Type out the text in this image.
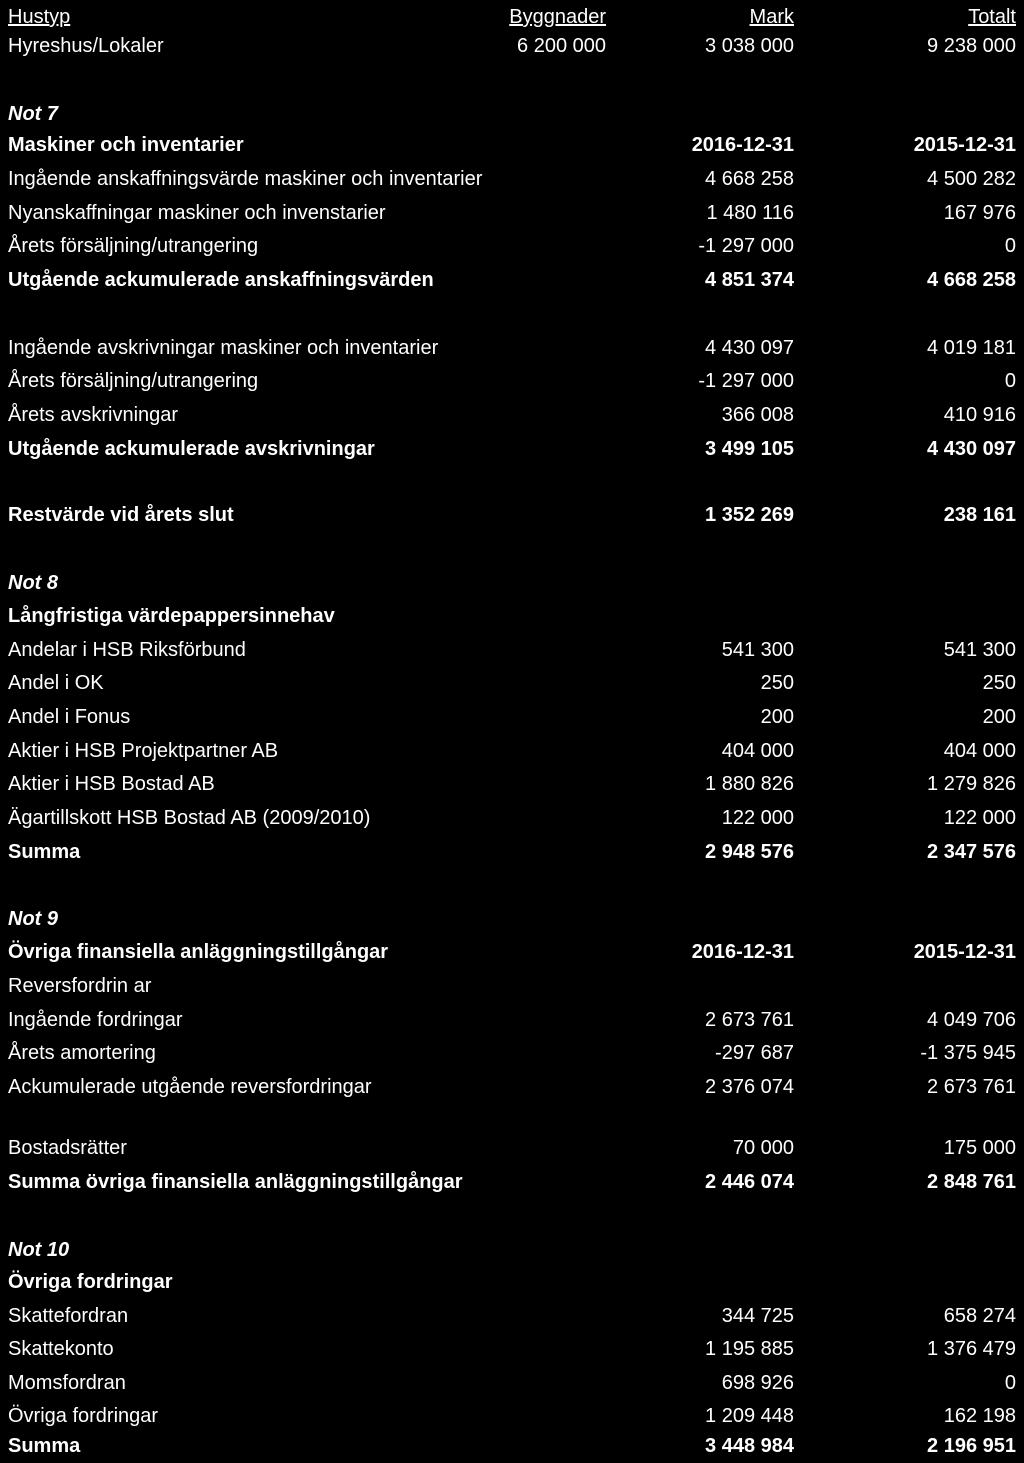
Hustyp	Byggnader	Mark	Totalt
Hyreshus/Lokaler	6 200 000	3 038 000	9 238 000
Not 7
Maskiner och inventarier	2016-12-31	2015-12-31
Ingående anskaffningsvärde maskiner och inventarier	4 668 258	4 500 282
Nyanskaffningar maskiner och invenstarier	1 480 116	167 976
Årets försäljning/utrangering	-1 297 000	0
Utgående ackumulerade anskaffningsvärden	4 851 374	4 668 258
Ingående avskrivningar maskiner och inventarier	4 430 097	4 019 181
Årets försäljning/utrangering	-1 297 000	0
Årets avskrivningar	366 008	410 916
Utgående ackumulerade avskrivningar	3 499 105	4 430 097
Restvärde vid årets slut	1 352 269	238 161
Not 8
Långfristiga värdepappersinnehav
Andelar i HSB Riksförbund	541 300	541 300
Andel i OK	250	250
Andel i Fonus	200	200
Aktier i HSB Projektpartner AB	404 000	404 000
Aktier i HSB Bostad AB	1 880 826	1 279 826
Ägartillskott HSB Bostad AB (2009/2010)	122 000	122 000
Summa	2 948 576	2 347 576
Not 9
Övriga finansiella anläggningstillgångar	2016-12-31	2015-12-31
Reversfordrin ar
Ingående fordringar	2 673 761	4 049 706
Årets amortering	-297 687	-1 375 945
Ackumulerade utgående reversfordringar	2 376 074	2 673 761
Bostadsrätter	70 000	175 000
Summa övriga finansiella anläggningstillgångar	2 446 074	2 848 761
Not 10
Övriga fordringar
Skattefordran	344 725	658 274
Skattekonto	1 195 885	1 376 479
Momsfordran	698 926	0
Övriga fordringar	1 209 448	162 198
Summa	3 448 984	2 196 951
